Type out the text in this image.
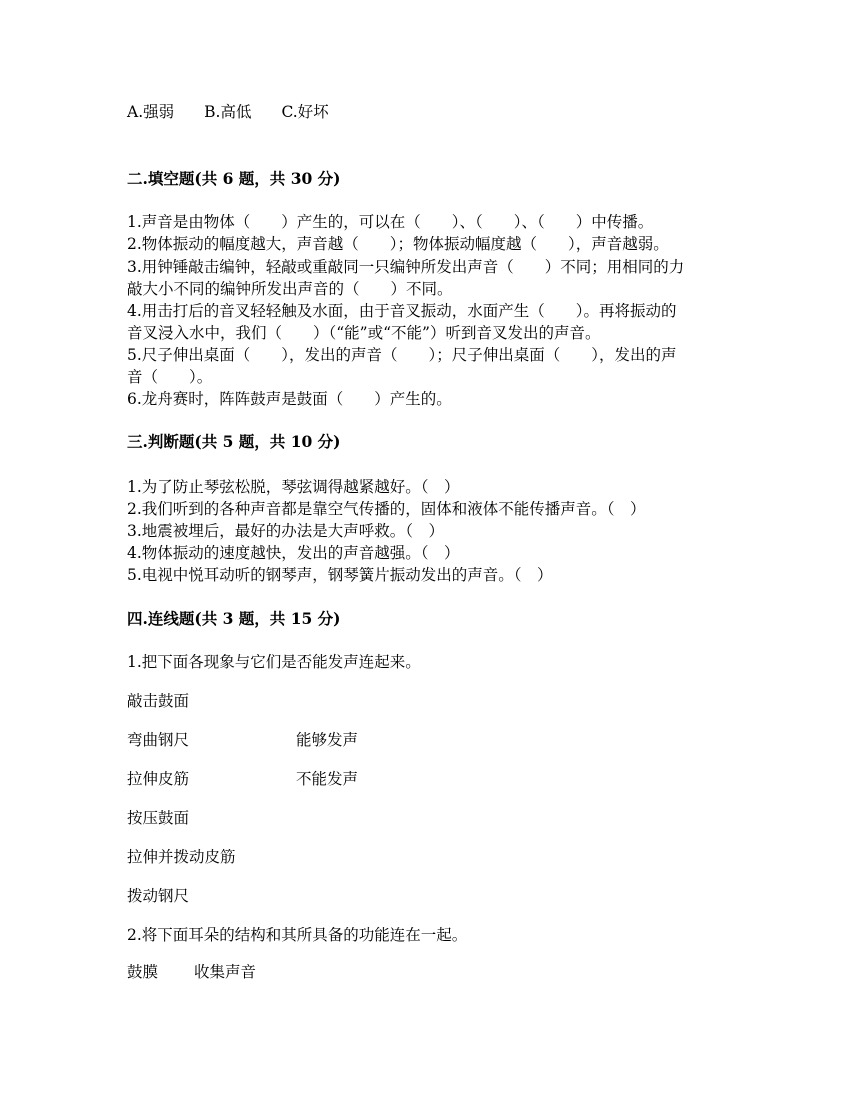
A.强弱 B.高低 C.好坏
二.填空题(共 6 题，共 30 分)
1.声音是由物体（　　）产生的，可以在（　　）、（　　）、（　　）中传播。
2.物体振动的幅度越大，声音越（　　）；物体振动幅度越（　　），声音越弱。
3.用钟锤敲击编钟，轻敲或重敲同一只编钟所发出声音（　　）不同；用相同的力
敲大小不同的编钟所发出声音的（　　）不同。
4.用击打后的音叉轻轻触及水面，由于音叉振动，水面产生（　　）。再将振动的
音叉浸入水中，我们（　　）（“能”或“不能”）听到音叉发出的声音。
5.尺子伸出桌面（　　），发出的声音（　　）；尺子伸出桌面（　　），发出的声
音（　　）。
6.龙舟赛时，阵阵鼓声是鼓面（　　）产生的。
三.判断题(共 5 题，共 10 分)
1.为了防止琴弦松脱，琴弦调得越紧越好。（　）
2.我们听到的各种声音都是靠空气传播的，固体和液体不能传播声音。（　）
3.地震被埋后，最好的办法是大声呼救。（　）
4.物体振动的速度越快，发出的声音越强。（　）
5.电视中悦耳动听的钢琴声，钢琴簧片振动发出的声音。（　）
四.连线题(共 3 题，共 15 分)
1.把下面各现象与它们是否能发声连起来。
敲击鼓面
弯曲钢尺	能够发声
拉伸皮筋	不能发声
按压鼓面
拉伸并拨动皮筋
拨动钢尺
2.将下面耳朵的结构和其所具备的功能连在一起。
鼓膜 收集声音
